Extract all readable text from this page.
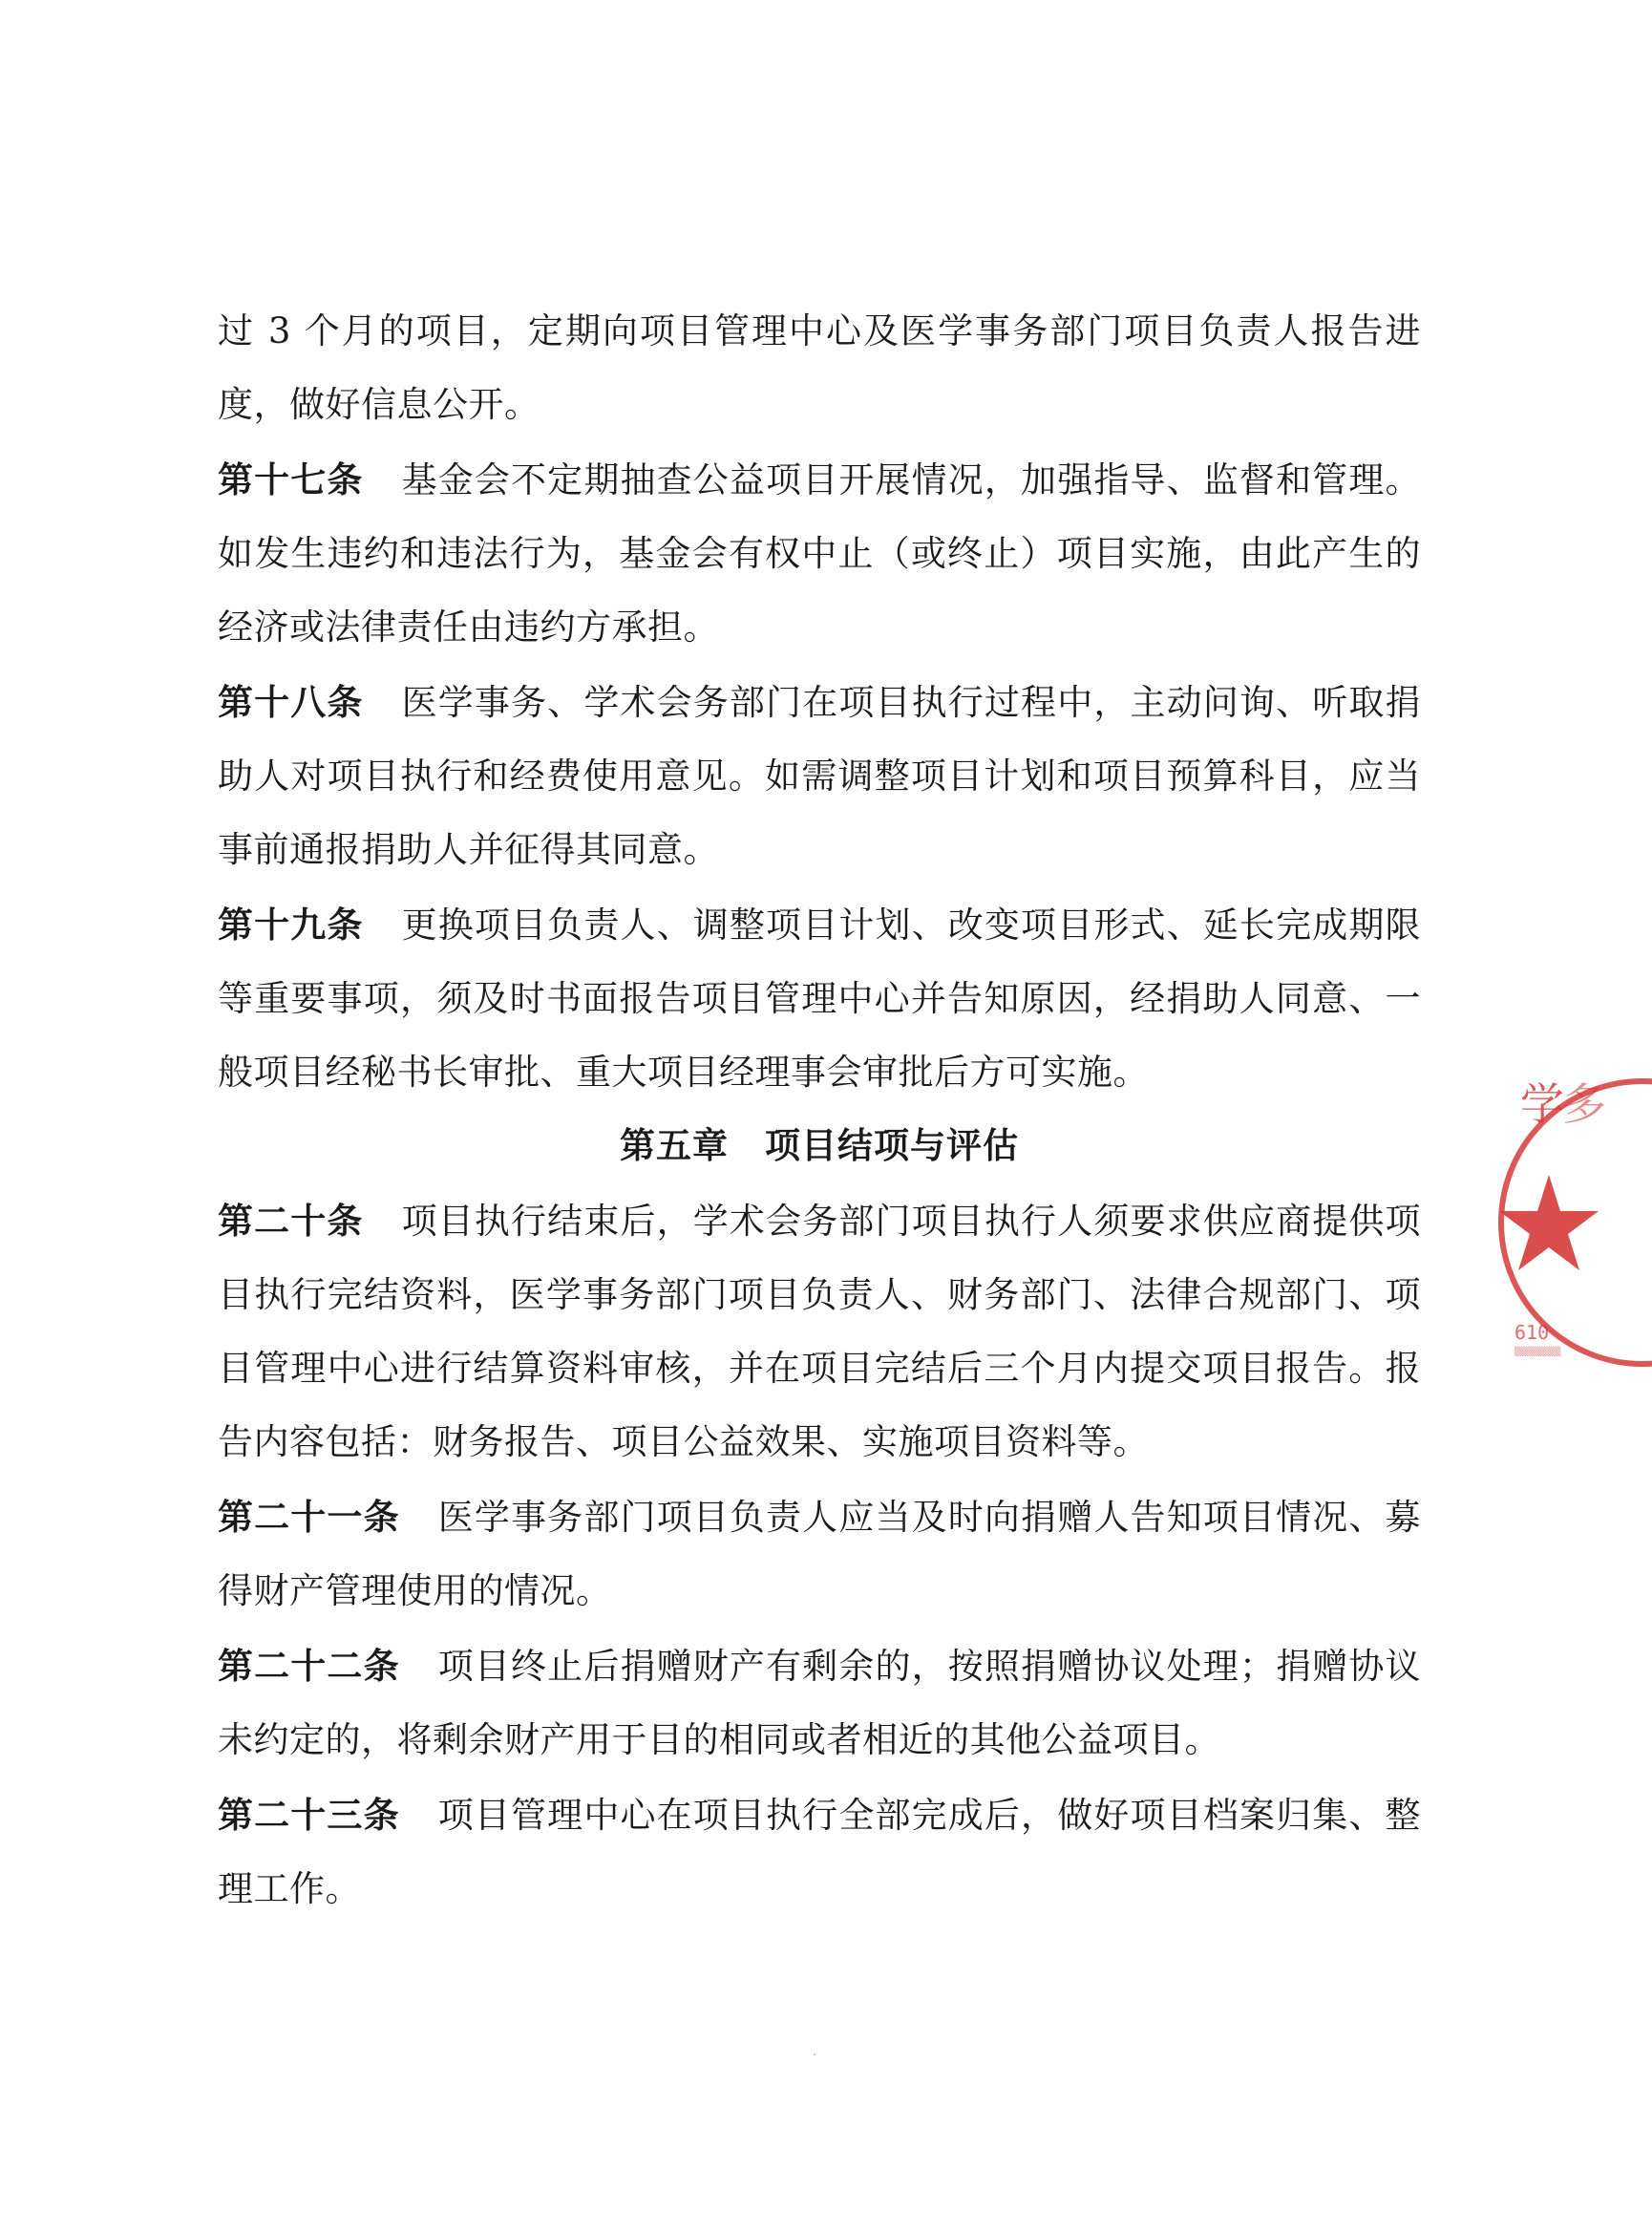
过 3 个月的项目，定期向项目管理中心及医学事务部门项目负责人报告进度，做好信息公开。

第十七条 基金会不定期抽查公益项目开展情况，加强指导、监督和管理。如发生违约和违法行为，基金会有权中止（或终止）项目实施，由此产生的经济或法律责任由违约方承担。

第十八条 医学事务、学术会务部门在项目执行过程中，主动问询、听取捐助人对项目执行和经费使用意见。如需调整项目计划和项目预算科目，应当事前通报捐助人并征得其同意。

第十九条 更换项目负责人、调整项目计划、改变项目形式、延长完成期限等重要事项，须及时书面报告项目管理中心并告知原因，经捐助人同意、一般项目经秘书长审批、重大项目经理事会审批后方可实施。

第五章 项目结项与评估

第二十条 项目执行结束后，学术会务部门项目执行人须要求供应商提供项目执行完结资料，医学事务部门项目负责人、财务部门、法律合规部门、项目管理中心进行结算资料审核，并在项目完结后三个月内提交项目报告。报告内容包括：财务报告、项目公益效果、实施项目资料等。

第二十一条 医学事务部门项目负责人应当及时向捐赠人告知项目情况、募得财产管理使用的情况。

第二十二条 项目终止后捐赠财产有剩余的，按照捐赠协议处理；捐赠协议未约定的，将剩余财产用于目的相同或者相近的其他公益项目。

第二十三条 项目管理中心在项目执行全部完成后，做好项目档案归集、整理工作。

学
多
610
▒▒▒▒▒▒▒
